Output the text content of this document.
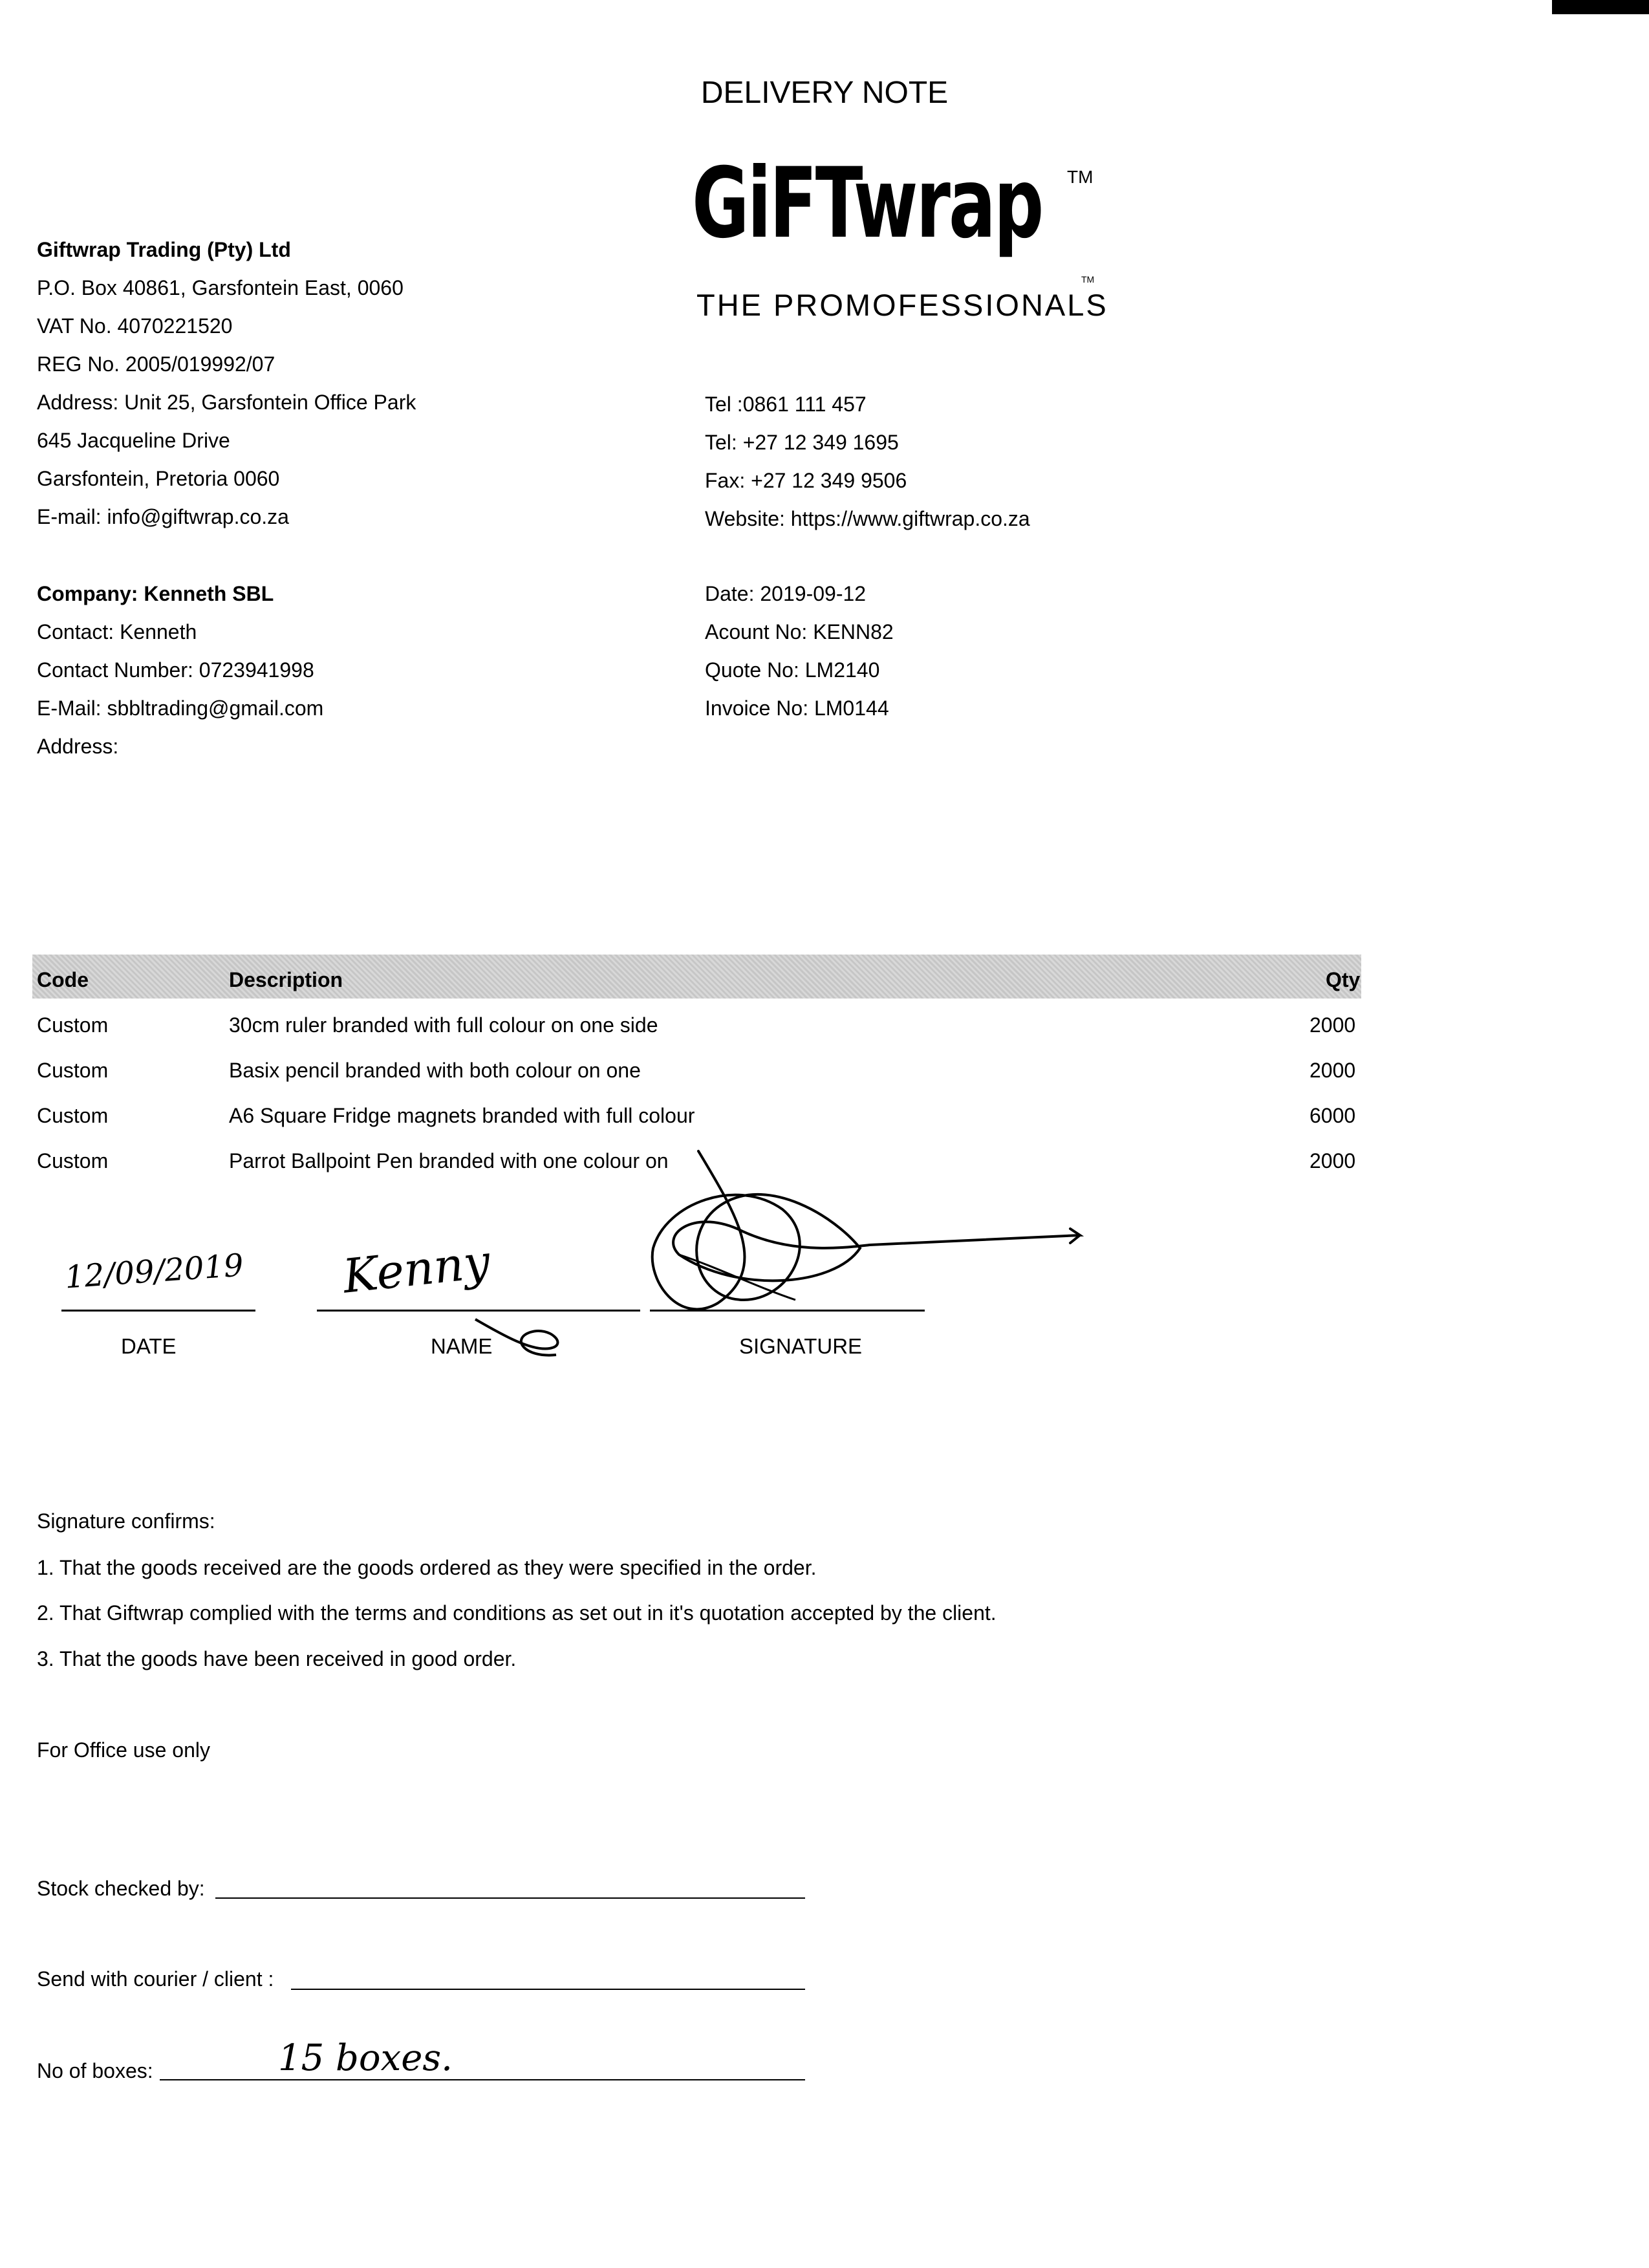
DELIVERY NOTE
GiFTwrap TM
THE PROMOFESSIONALS
TM
Giftwrap Trading (Pty) Ltd
P.O. Box 40861, Garsfontein East, 0060
VAT No. 4070221520
REG No. 2005/019992/07
Address: Unit 25, Garsfontein Office Park
645 Jacqueline Drive
Garsfontein, Pretoria 0060
E-mail: info@giftwrap.co.za
Tel :0861 111 457
Tel: +27 12 349 1695
Fax: +27 12 349 9506
Website: https://www.giftwrap.co.za
Company: Kenneth SBL
Contact: Kenneth
Contact Number: 0723941998
E-Mail: sbbltrading@gmail.com
Address:
Date: 2019-09-12
Acount No: KENN82
Quote No: LM2140
Invoice No: LM0144
Code	Description	Qty
Custom	30cm ruler branded with full colour on one side	2000
Custom	Basix pencil branded with both colour on one	2000
Custom	A6 Square Fridge magnets branded with full colour	6000
Custom	Parrot Ballpoint Pen branded with one colour on	2000
12/09/2019
DATE
Kenny
NAME	SIGNATURE
Signature confirms:
1. That the goods received are the goods ordered as they were specified in the order.
2. That Giftwrap complied with the terms and conditions as set out in it's quotation accepted by the client.
3. That the goods have been received in good order.
For Office use only
Stock checked by:
Send with courier / client :
No of boxes:	15 boxes.
